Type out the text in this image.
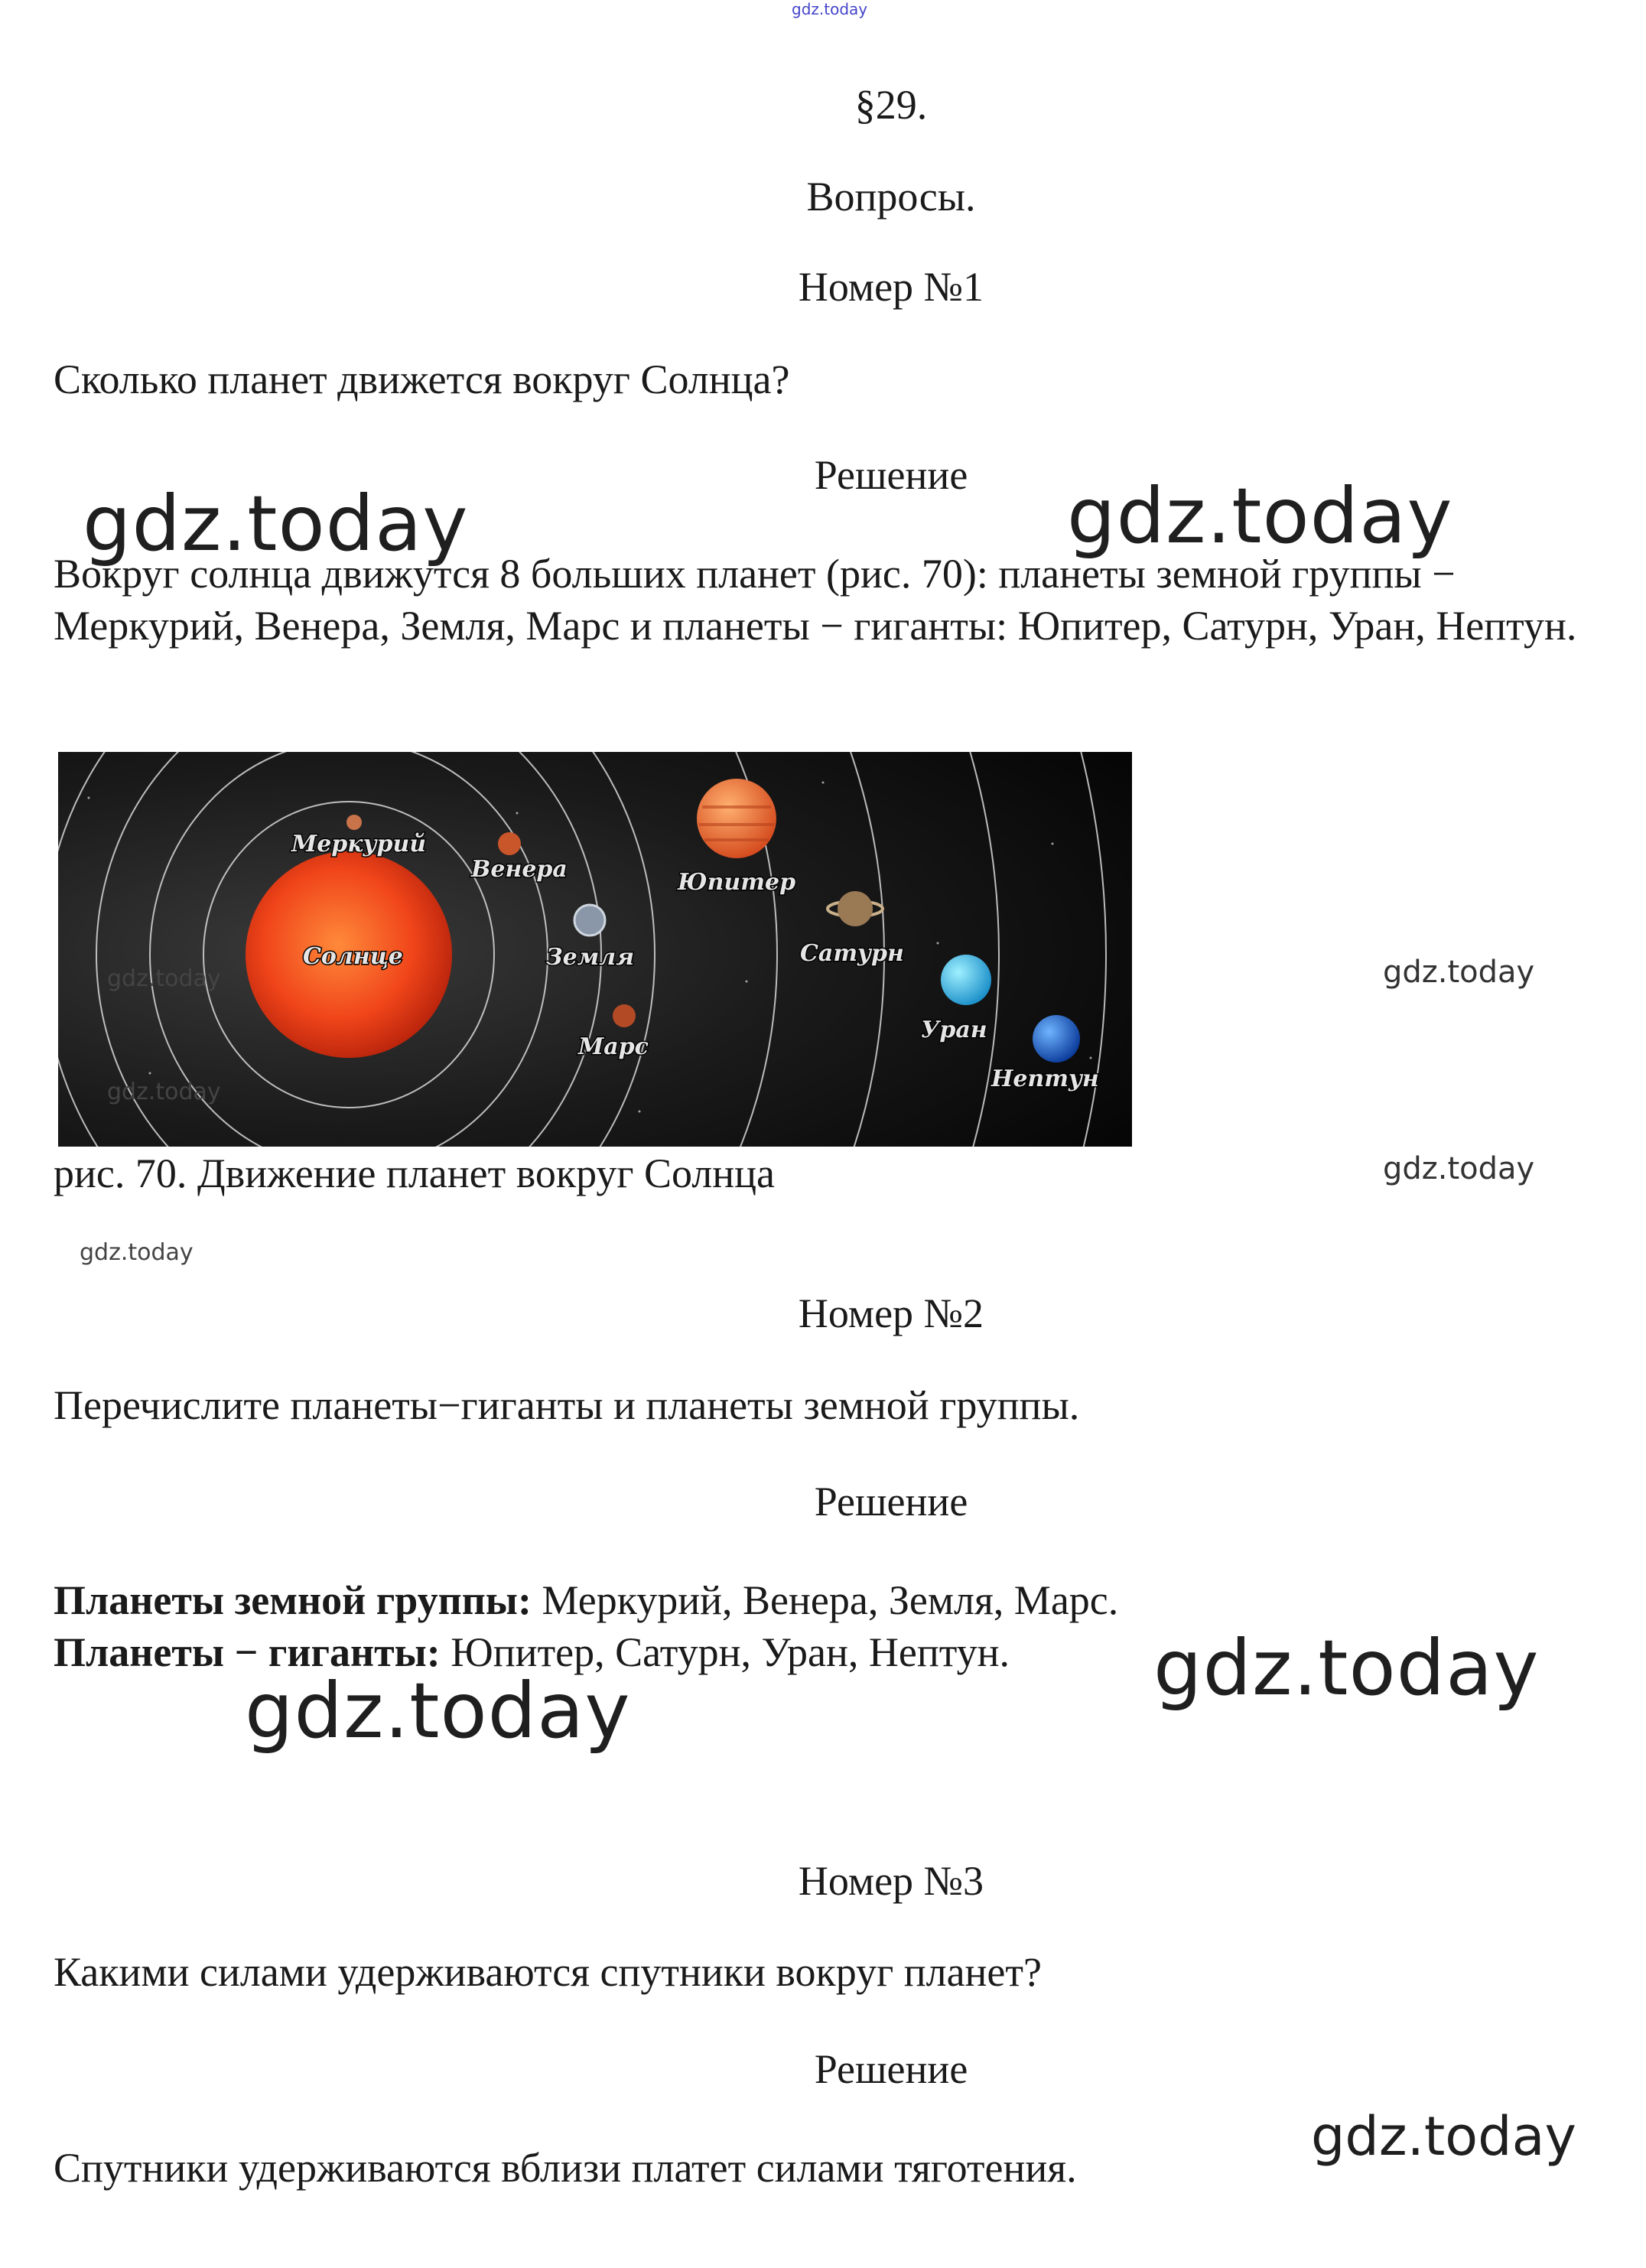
gdz.today
§29.
Вопросы.
Номер №1
Сколько планет движется вокруг Солнца?
Решение
gdz.today	gdz.today
Вокруг солнца движутся 8 больших планет (рис. 70): планеты земной группы − Меркурий, Венера, Земля, Марс и планеты − гиганты: Юпитер, Сатурн, Уран, Нептун.
Меркурий
Венера
Солнце	Земля
Марс
Юпитер
Сатурн
Уран
Нептун
gdz.today
gdz.today
gdz.today
рис. 70. Движение планет вокруг Солнца	gdz.today
gdz.today
Номер №2
Перечислите планеты−гиганты и планеты земной группы.
Решение
Планеты земной группы: Меркурий, Венера, Земля, Марс.
Планеты − гиганты: Юпитер, Сатурн, Уран, Нептун.	gdz.today
gdz.today
Номер №3
Какими силами удерживаются спутники вокруг планет?
Решение
gdz.today
Спутники удерживаются вблизи платет силами тяготения.
